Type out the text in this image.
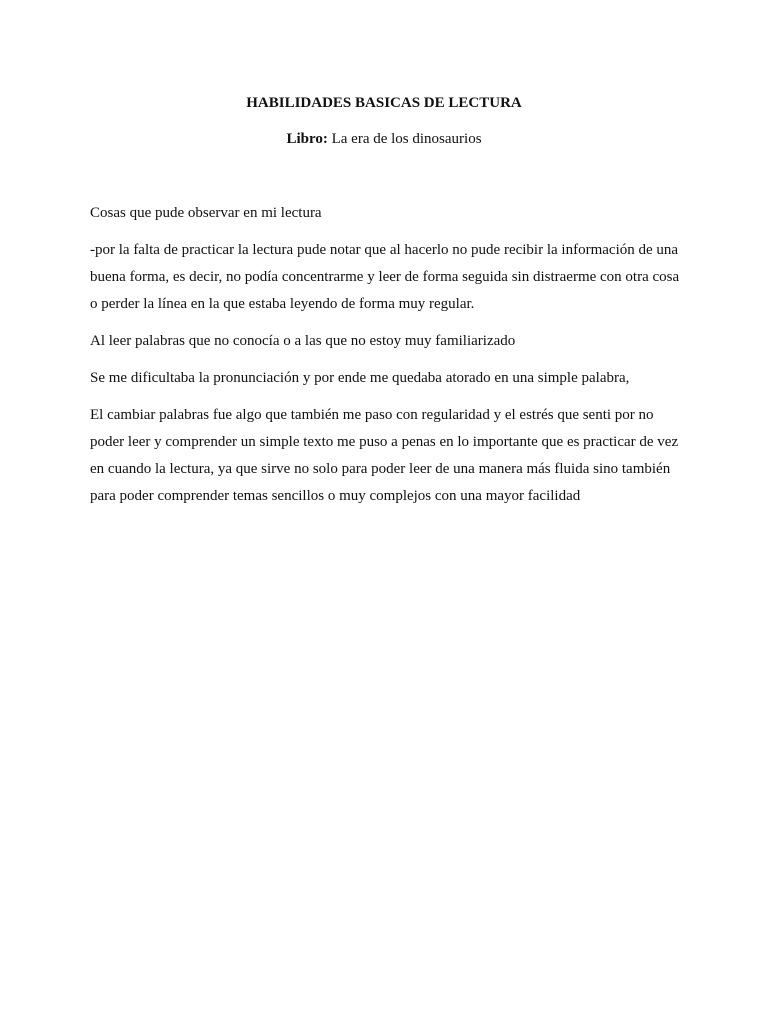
HABILIDADES BASICAS DE LECTURA

Libro: La era de los dinosaurios

Cosas que pude observar en mi lectura

-por la falta de practicar la lectura pude notar que al hacerlo no pude recibir la información de una buena forma, es decir, no podía concentrarme y leer de forma seguida sin distraerme con otra cosa o perder la línea en la que estaba leyendo de forma muy regular.

Al leer palabras que no conocía o a las que no estoy muy familiarizado

Se me dificultaba la pronunciación y por ende me quedaba atorado en una simple palabra,

El cambiar palabras fue algo que también me paso con regularidad y el estrés que senti por no poder leer y comprender un simple texto me puso a penas en lo importante que es practicar de vez en cuando la lectura, ya que sirve no solo para poder leer de una manera más fluida sino también para poder comprender temas sencillos o muy complejos con una mayor facilidad
